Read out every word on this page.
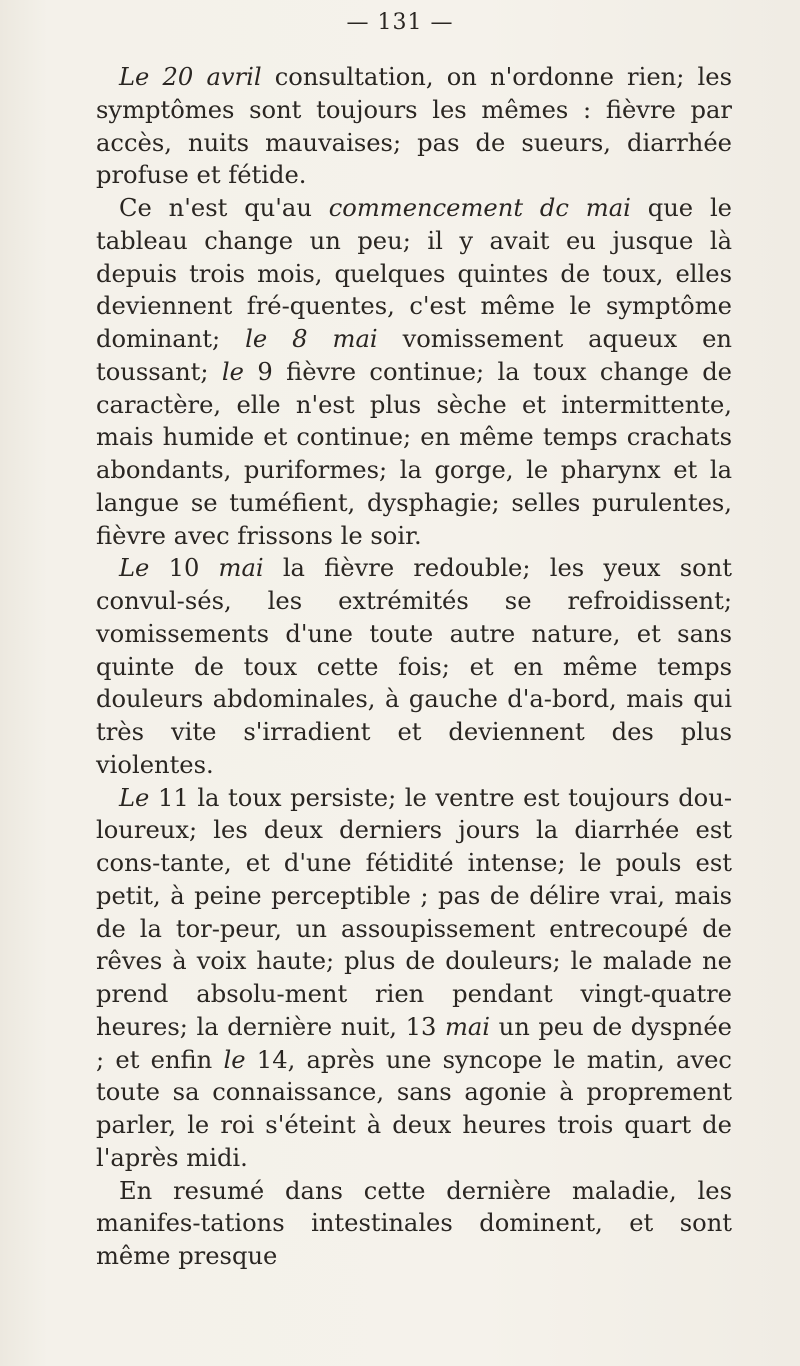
— 131 —

Le 20 avril consultation, on n'ordonne rien; les symptômes sont toujours les mêmes : fièvre par accès, nuits mauvaises; pas de sueurs, diarrhée profuse et fétide.

Ce n'est qu'au commencement dc mai que le tableau change un peu; il y avait eu jusque là depuis trois mois, quelques quintes de toux, elles deviennent fré-quentes, c'est même le symptôme dominant; le 8 mai vomissement aqueux en toussant; le 9 fièvre continue; la toux change de caractère, elle n'est plus sèche et intermittente, mais humide et continue; en même temps crachats abondants, puriformes; la gorge, le pharynx et la langue se tuméfient, dysphagie; selles purulentes, fièvre avec frissons le soir.

Le 10 mai la fièvre redouble; les yeux sont convul-sés, les extrémités se refroidissent; vomissements d'une toute autre nature, et sans quinte de toux cette fois; et en même temps douleurs abdominales, à gauche d'a-bord, mais qui très vite s'irradient et deviennent des plus violentes.

Le 11 la toux persiste; le ventre est toujours dou-loureux; les deux derniers jours la diarrhée est cons-tante, et d'une fétidité intense; le pouls est petit, à peine perceptible ; pas de délire vrai, mais de la tor-peur, un assoupissement entrecoupé de rêves à voix haute; plus de douleurs; le malade ne prend absolu-ment rien pendant vingt-quatre heures; la dernière nuit, 13 mai un peu de dyspnée ; et enfin le 14, après une syncope le matin, avec toute sa connaissance, sans agonie à proprement parler, le roi s'éteint à deux heures trois quart de l'après midi.

En resumé dans cette dernière maladie, les manifes-tations intestinales dominent, et sont même presque
